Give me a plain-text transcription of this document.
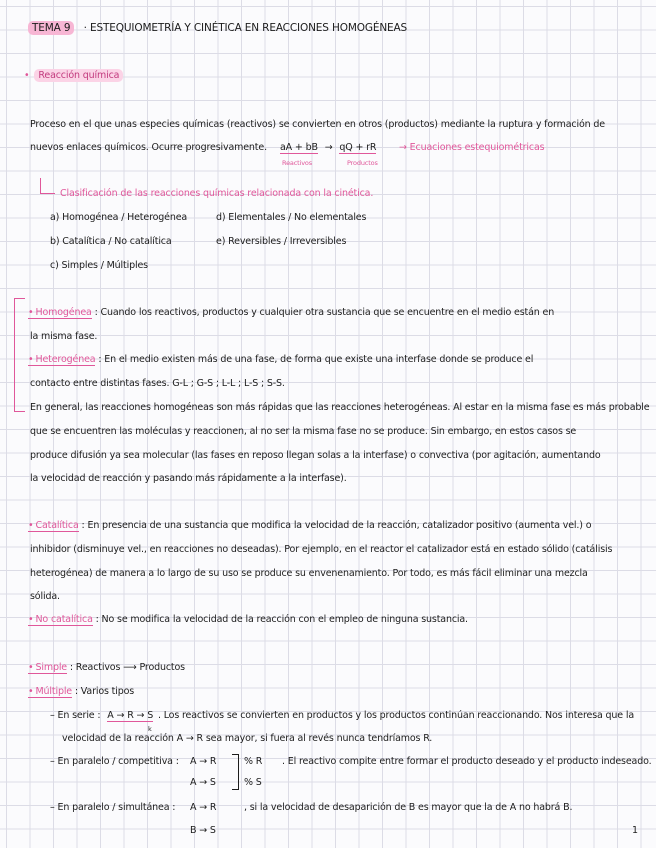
TEMA 9 · ESTEQUIOMETRÍA Y CINÉTICA EN REACCIONES HOMOGÉNEAS
• Reacción química
Proceso en el que unas especies químicas (reactivos) se convierten en otros (productos) mediante la ruptura y formación de
nuevos enlaces químicos. Ocurre progresivamente. aA + bB → qQ + rR
Reactivos	Productos
→ Ecuaciones estequiométricas
Clasificación de las reacciones químicas relacionada con la cinética.
a) Homogénea / Heterogénea
b) Catalítica / No catalítica
c) Simples / Múltiples
d) Elementales / No elementales
e) Reversibles / Irreversibles
• Homogénea : Cuando los reactivos, productos y cualquier otra sustancia que se encuentre en el medio están en
la misma fase.
• Heterogénea : En el medio existen más de una fase, de forma que existe una interfase donde se produce el
contacto entre distintas fases. G-L ; G-S ; L-L ; L-S ; S-S.
En general, las reacciones homogéneas son más rápidas que las reacciones heterogéneas. Al estar en la misma fase es más probable
que se encuentren las moléculas y reaccionen, al no ser la misma fase no se produce. Sin embargo, en estos casos se
produce difusión ya sea molecular (las fases en reposo llegan solas a la interfase) o convectiva (por agitación, aumentando
la velocidad de reacción y pasando más rápidamente a la interfase).
• Catalítica : En presencia de una sustancia que modifica la velocidad de la reacción, catalizador positivo (aumenta vel.) o
inhibidor (disminuye vel., en reacciones no deseadas). Por ejemplo, en el reactor el catalizador está en estado sólido (catálisis
heterogénea) de manera a lo largo de su uso se produce su envenenamiento. Por todo, es más fácil eliminar una mezcla
sólida.
• No catalítica : No se modifica la velocidad de la reacción con el empleo de ninguna sustancia.
• Simple : Reactivos ⟶ Productos
• Múltiple : Varios tipos
– En serie : A → R → S . Los reactivos se convierten en productos y los productos continúan reaccionando. Nos interesa que la
k
velocidad de la reacción A → R sea mayor, si fuera al revés nunca tendríamos R.
– En paralelo / competitiva : A → R
A → S
% R
% S
. El reactivo compite entre formar el producto deseado y el producto indeseado.
– En paralelo / simultánea : A → R
B → S
, si la velocidad de desaparición de B es mayor que la de A no habrá B.
1
